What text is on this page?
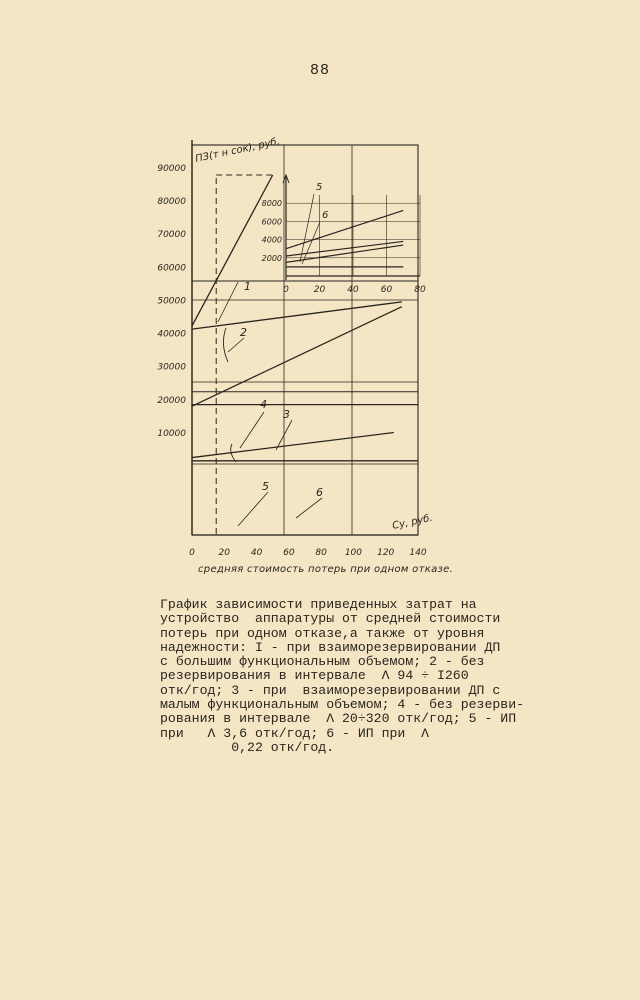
88
10000
20000
30000
40000
50000
60000
70000
80000
90000
0	20 40 60 80 100 120 140
1
2
3
4
5	6
0	20 40 60 80
2000
4000
6000
8000
5
6
ПЗ(т н сок), руб.
Cу, руб.
средняя стоимость потерь при одном отказе.
График зависимости приведенных затрат на
устройство  аппаратуры от средней стоимости
потерь при одном отказе,а также от уровня
надежности: I - при взаиморезервировании ДП
с большим функциональным объемом; 2 - без
резервирования в интервале  Λ 94 ÷ I260
отк/год; 3 - при  взаиморезервировании ДП с
малым функциональным объемом; 4 - без резерви-
рования в интервале  Λ 20÷320 отк/год; 5 - ИП
при   Λ 3,6 отк/год; 6 - ИП при  Λ
0,22 отк/год.
